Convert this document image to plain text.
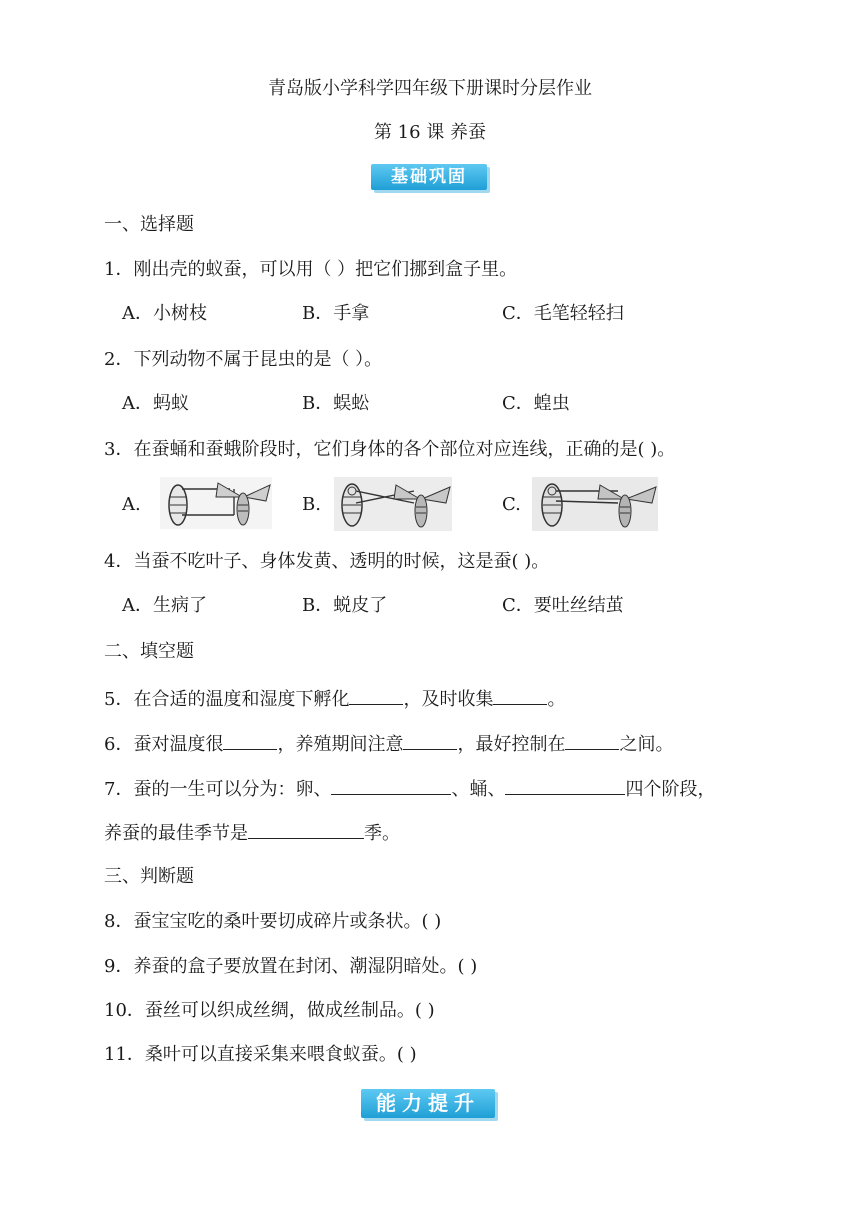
青岛版小学科学四年级下册课时分层作业
第 16 课 养蚕
基础巩固
一、选择题
1．刚出壳的蚁蚕，可以用（ ）把它们挪到盒子里。
A．小树枝	B．手拿	C．毛笔轻轻扫
2．下列动物不属于昆虫的是（ ）。
A．蚂蚁	B．蜈蚣	C．蝗虫
3．在蚕蛹和蚕蛾阶段时，它们身体的各个部位对应连线，正确的是( )。
A.	B.	C.
4．当蚕不吃叶子、身体发黄、透明的时候，这是蚕( )。
A．生病了	B．蜕皮了	C．要吐丝结茧
二、填空题
5．在合适的温度和湿度下孵化	，及时收集	。
6．蚕对温度很	，养殖期间注意	，最好控制在	之间。
7．蚕的一生可以分为：卵、	、蛹、	四个阶段，
养蚕的最佳季节是	季。
三、判断题
8．蚕宝宝吃的桑叶要切成碎片或条状。( )
9．养蚕的盒子要放置在封闭、潮湿阴暗处。( )
10．蚕丝可以织成丝绸，做成丝制品。( )
11．桑叶可以直接采集来喂食蚁蚕。( )
能力提升
